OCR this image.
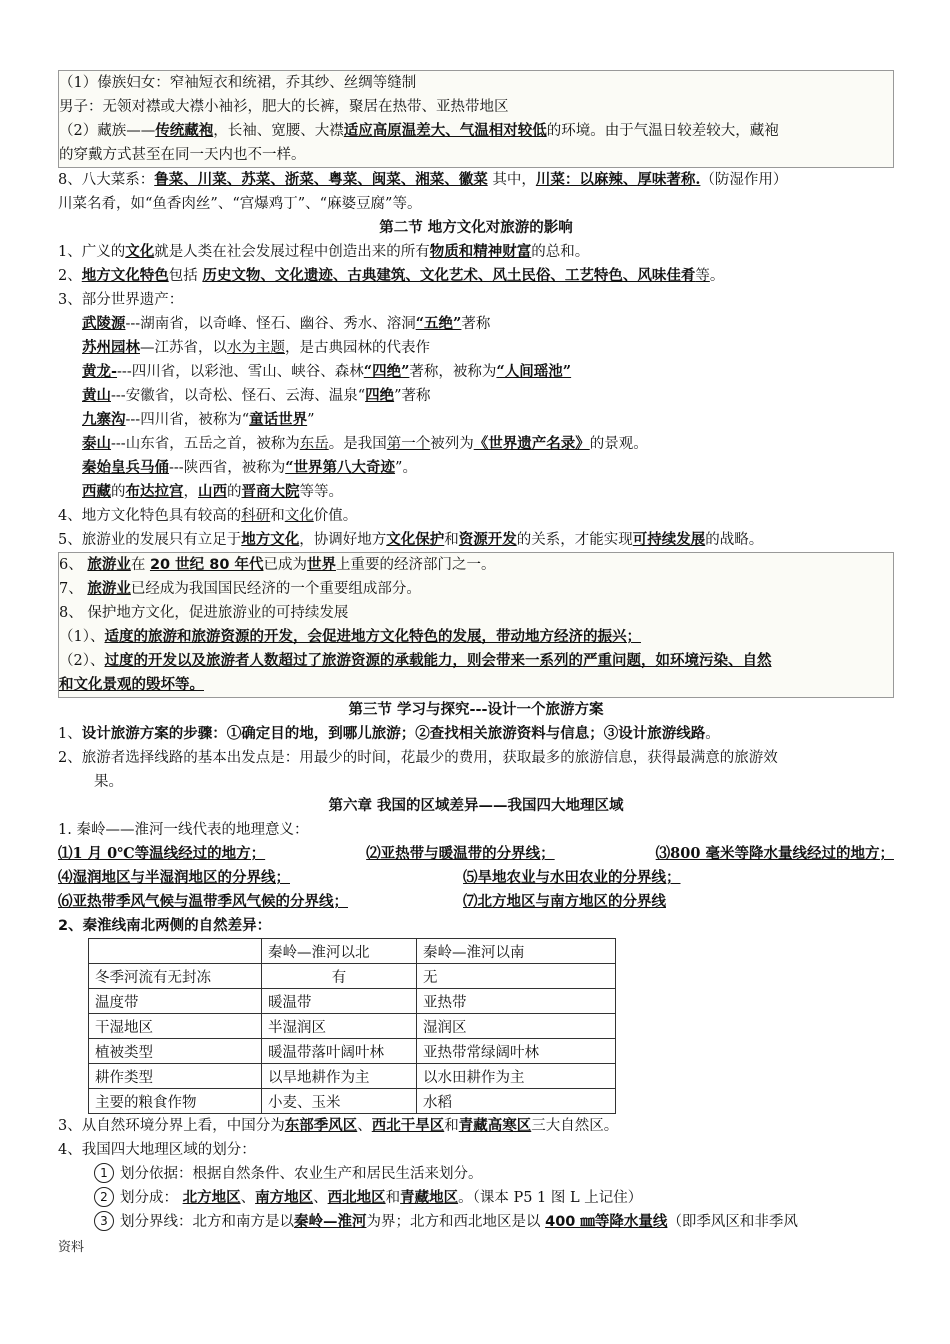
（1）傣族妇女：窄袖短衣和统裙，乔其纱、丝绸等缝制
男子：无领对襟或大襟小袖衫，肥大的长裤，聚居在热带、亚热带地区
（2）藏族——传统藏袍，长袖、宽腰、大襟适应高原温差大、气温相对较低的环境。由于气温日较差较大，藏袍
的穿戴方式甚至在同一天内也不一样。
8、八大菜系：鲁菜、川菜、苏菜、浙菜、粤菜、闽菜、湘菜、徽菜 其中，川菜：以麻辣、厚味著称.（防湿作用）
川菜名肴，如“鱼香肉丝”、“宫爆鸡丁”、“麻婆豆腐”等。
第二节 地方文化对旅游的影响
1、广义的文化就是人类在社会发展过程中创造出来的所有物质和精神财富的总和。
2、地方文化特色包括 历史文物、文化遗迹、古典建筑、文化艺术、风土民俗、工艺特色、风味佳肴等。
3、部分世界遗产：
武陵源---湖南省，以奇峰、怪石、幽谷、秀水、溶洞“五绝”著称
苏州园林—江苏省，以水为主题，是古典园林的代表作
黄龙----四川省，以彩池、雪山、峡谷、森林“四绝”著称，被称为“人间瑶池”
黄山---安徽省，以奇松、怪石、云海、温泉“四绝”著称
九寨沟---四川省，被称为“童话世界”
泰山---山东省，五岳之首，被称为东岳。是我国第一个被列为《世界遗产名录》的景观。
秦始皇兵马俑---陕西省，被称为“世界第八大奇迹”。
西藏的布达拉宫，山西的晋商大院等等。
4、地方文化特色具有较高的科研和文化价值。
5、旅游业的发展只有立足于地方文化，协调好地方文化保护和资源开发的关系，才能实现可持续发展的战略。
6、 旅游业在 20 世纪 80 年代已成为世界上重要的经济部门之一。
7、 旅游业已经成为我国国民经济的一个重要组成部分。
8、 保护地方文化，促进旅游业的可持续发展
（1）、适度的旅游和旅游资源的开发，会促进地方文化特色的发展，带动地方经济的振兴；
（2）、过度的开发以及旅游者人数超过了旅游资源的承载能力，则会带来一系列的严重问题，如环境污染、自然
和文化景观的毁坏等。
第三节 学习与探究---设计一个旅游方案
1、设计旅游方案的步骤：①确定目的地，到哪儿旅游；②查找相关旅游资料与信息；③设计旅游线路。
2、旅游者选择线路的基本出发点是：用最少的时间，花最少的费用，获取最多的旅游信息，获得最满意的旅游效
果。
第六章 我国的区域差异——我国四大地理区域
1. 秦岭——淮河一线代表的地理意义：
⑴1 月 0℃等温线经过的地方；	⑵亚热带与暖温带的分界线；	⑶800 毫米等降水量线经过的地方；
⑷湿润地区与半湿润地区的分界线；	⑸旱地农业与水田农业的分界线；
⑹亚热带季风气候与温带季风气候的分界线；	⑺北方地区与南方地区的分界线
2、秦淮线南北两侧的自然差异：
	秦岭—淮河以北	秦岭—淮河以南
冬季河流有无封冻	有	无
温度带	暖温带	亚热带
干湿地区	半湿润区	湿润区
植被类型	暖温带落叶阔叶林	亚热带常绿阔叶林
耕作类型	以旱地耕作为主	以水田耕作为主
主要的粮食作物	小麦、玉米	水稻
3、从自然环境分界上看，中国分为东部季风区、西北干旱区和青藏高寒区三大自然区。
4、我国四大地理区域的划分：
1 划分依据：根据自然条件、农业生产和居民生活来划分。
2 划分成： 北方地区、南方地区、西北地区和青藏地区。（课本 P5 1 图 L 上记住）
3 划分界线：北方和南方是以秦岭—淮河为界；北方和西北地区是以 400 ㎜等降水量线（即季风区和非季风
资料
